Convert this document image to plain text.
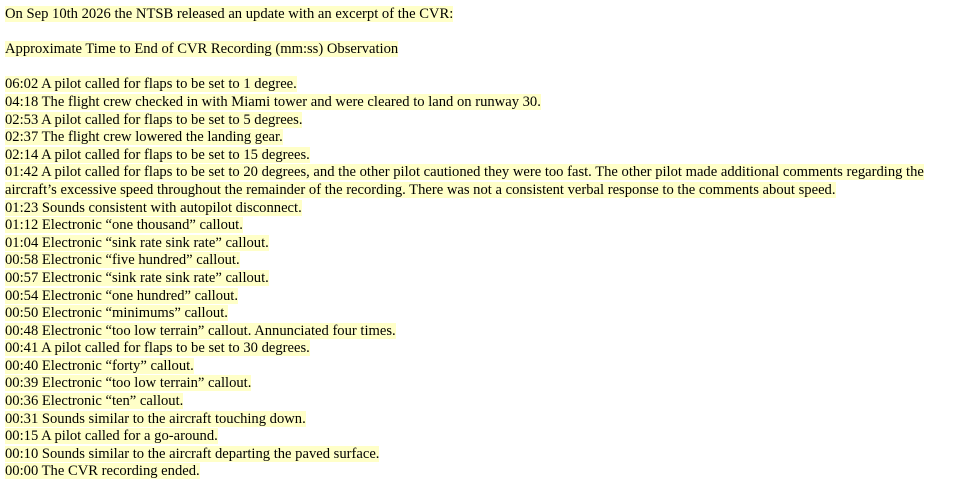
On Sep 10th 2026 the NTSB released an update with an excerpt of the CVR:
Approximate Time to End of CVR Recording (mm:ss) Observation
06:02 A pilot called for flaps to be set to 1 degree.
04:18 The flight crew checked in with Miami tower and were cleared to land on runway 30.
02:53 A pilot called for flaps to be set to 5 degrees.
02:37 The flight crew lowered the landing gear.
02:14 A pilot called for flaps to be set to 15 degrees.
01:42 A pilot called for flaps to be set to 20 degrees, and the other pilot cautioned they were too fast. The other pilot made additional comments regarding the aircraft’s excessive speed throughout the remainder of the recording. There was not a consistent verbal response to the comments about speed.
01:23 Sounds consistent with autopilot disconnect.
01:12 Electronic “one thousand” callout.
01:04 Electronic “sink rate sink rate” callout.
00:58 Electronic “five hundred” callout.
00:57 Electronic “sink rate sink rate” callout.
00:54 Electronic “one hundred” callout.
00:50 Electronic “minimums” callout.
00:48 Electronic “too low terrain” callout. Annunciated four times.
00:41 A pilot called for flaps to be set to 30 degrees.
00:40 Electronic “forty” callout.
00:39 Electronic “too low terrain” callout.
00:36 Electronic “ten” callout.
00:31 Sounds similar to the aircraft touching down.
00:15 A pilot called for a go-around.
00:10 Sounds similar to the aircraft departing the paved surface.
00:00 The CVR recording ended.
